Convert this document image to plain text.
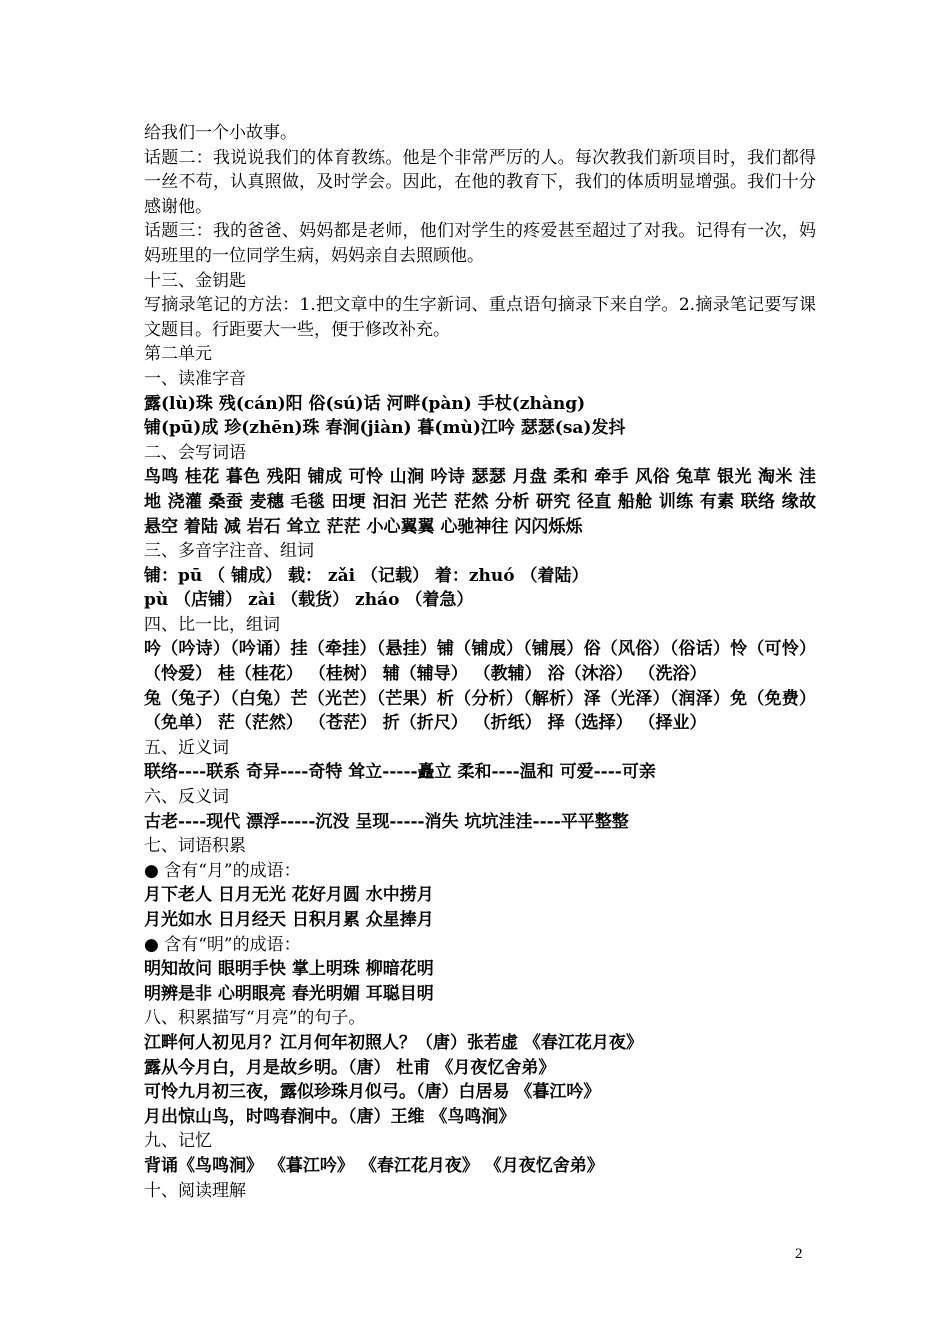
给我们一个小故事。
话题二：我说说我们的体育教练。他是个非常严厉的人。每次教我们新项目时，我们都得一丝不苟，认真照做，及时学会。因此，在他的教育下，我们的体质明显增强。我们十分感谢他。
话题三：我的爸爸、妈妈都是老师，他们对学生的疼爱甚至超过了对我。记得有一次，妈妈班里的一位同学生病，妈妈亲自去照顾他。
十三、金钥匙
写摘录笔记的方法：1.把文章中的生字新词、重点语句摘录下来自学。2.摘录笔记要写课文题目。行距要大一些，便于修改补充。
第二单元
一、读准字音
露(lù)珠 残(cán)阳 俗(sú)话 河畔(pàn) 手杖(zhàng)
铺(pū)成 珍(zhēn)珠 春涧(jiàn) 暮(mù)江吟 瑟瑟(sa)发抖
二、会写词语
鸟鸣 桂花 暮色 残阳 铺成 可怜 山涧 吟诗 瑟瑟 月盘 柔和 牵手 风俗 兔草 银光 淘米 洼地 浇灌 桑蚕 麦穗 毛毯 田埂 汩汩 光芒 茫然 分析 研究 径直 船舱 训练 有素 联络 缘故 悬空 着陆 减 岩石 耸立 茫茫 小心翼翼 心驰神往 闪闪烁烁
三、多音字注音、组词
铺：pū （ 铺成） 载： zǎi （记载） 着：zhuó （着陆）
pù （店铺） zài （载货） zháo （着急）
四、比一比，组词
吟（吟诗）（吟诵）挂（牵挂）（悬挂）铺（铺成）（铺展）俗（风俗）（俗话）怜（可怜）（怜爱） 桂（桂花） （桂树） 辅（辅导） （教辅） 浴（沐浴） （洗浴）
兔（兔子）（白兔）芒（光芒）（芒果）析（分析）（解析）泽（光泽）（润泽）免（免费）（免单） 茫（茫然） （苍茫） 折（折尺） （折纸） 择（选择） （择业）
五、近义词
联络----联系 奇异----奇特 耸立-----矗立 柔和----温和 可爱----可亲
六、反义词
古老----现代 漂浮-----沉没 呈现-----消失 坑坑洼洼----平平整整
七、词语积累
● 含有“月”的成语：
月下老人 日月无光 花好月圆 水中捞月
月光如水 日月经天 日积月累 众星捧月
● 含有“明”的成语：
明知故问 眼明手快 掌上明珠 柳暗花明
明辨是非 心明眼亮 春光明媚 耳聪目明
八、积累描写“月亮”的句子。
江畔何人初见月？江月何年初照人？（唐）张若虚 《春江花月夜》
露从今月白，月是故乡明。（唐） 杜甫 《月夜忆舍弟》
可怜九月初三夜，露似珍珠月似弓。（唐）白居易 《暮江吟》
月出惊山鸟，时鸣春涧中。（唐）王维 《鸟鸣涧》
九、记忆
背诵《鸟鸣涧》 《暮江吟》 《春江花月夜》 《月夜忆舍弟》
十、阅读理解
2
